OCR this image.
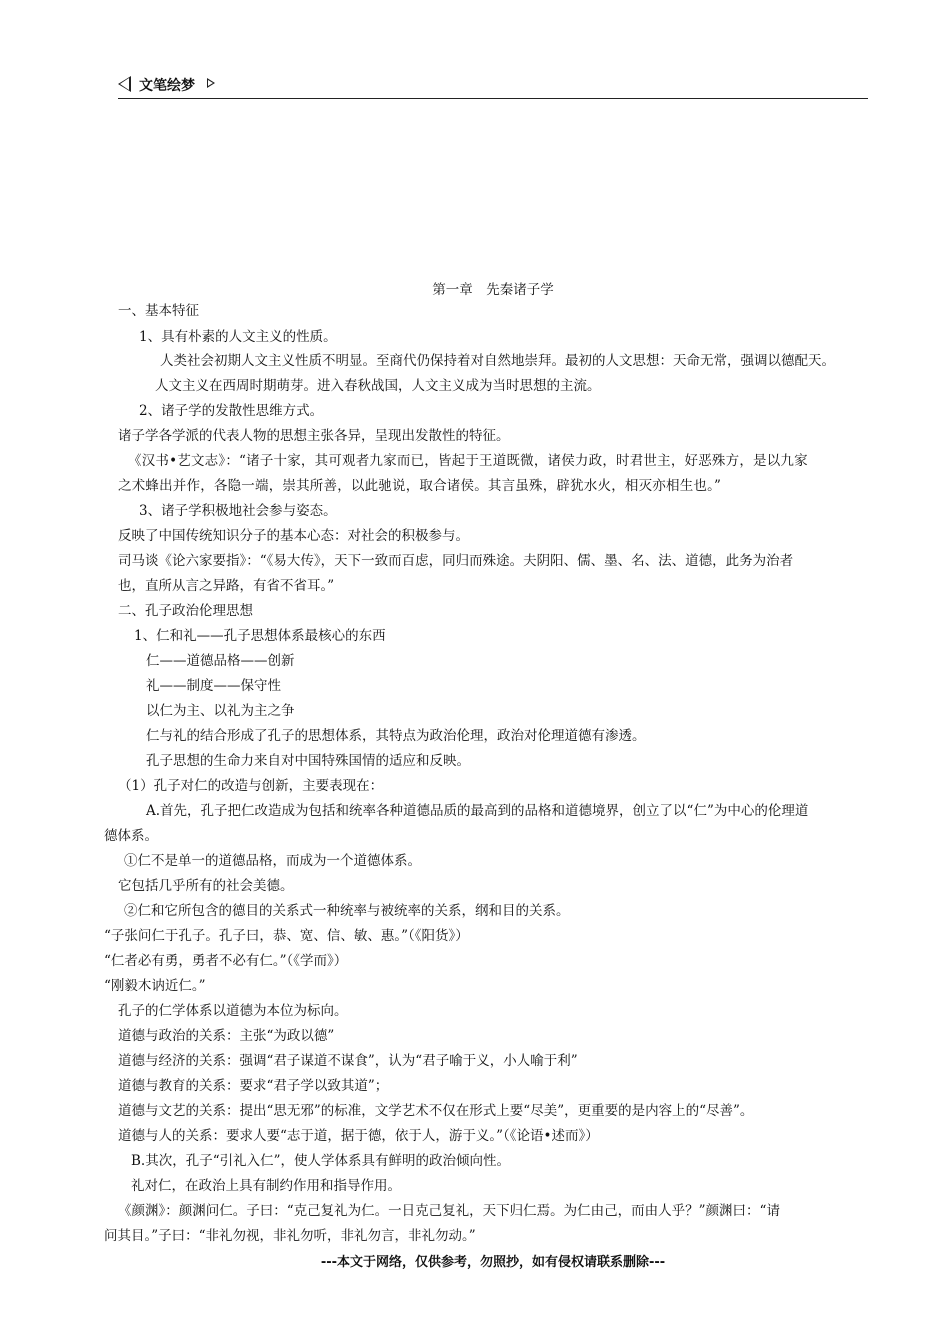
文笔绘梦
第一章　先秦诸子学
一、基本特征
1、具有朴素的人文主义的性质。
人类社会初期人文主义性质不明显。至商代仍保持着对自然地崇拜。最初的人文思想：天命无常，强调以德配天。
人文主义在西周时期萌芽。进入春秋战国，人文主义成为当时思想的主流。
2、诸子学的发散性思维方式。
诸子学各学派的代表人物的思想主张各异，呈现出发散性的特征。
《汉书•艺文志》：“诸子十家，其可观者九家而已，皆起于王道既微，诸侯力政，时君世主，好恶殊方，是以九家
之术蜂出并作，各隐一端，崇其所善，以此驰说，取合诸侯。其言虽殊，辟犹水火，相灭亦相生也。”
3、诸子学积极地社会参与姿态。
反映了中国传统知识分子的基本心态：对社会的积极参与。
司马谈《论六家要指》：“《易大传》，天下一致而百虑，同归而殊途。夫阴阳、儒、墨、名、法、道德，此务为治者
也，直所从言之异路，有省不省耳。”
二、孔子政治伦理思想
1、仁和礼——孔子思想体系最核心的东西
仁——道德品格——创新
礼——制度——保守性
以仁为主、以礼为主之争
仁与礼的结合形成了孔子的思想体系，其特点为政治伦理，政治对伦理道德有渗透。
孔子思想的生命力来自对中国特殊国情的适应和反映。
（1）孔子对仁的改造与创新，主要表现在：
A.首先，孔子把仁改造成为包括和统率各种道德品质的最高到的品格和道德境界，创立了以“仁”为中心的伦理道
德体系。
①仁不是单一的道德品格，而成为一个道德体系。
它包括几乎所有的社会美德。
②仁和它所包含的德目的关系式一种统率与被统率的关系，纲和目的关系。
“子张问仁于孔子。孔子曰，恭、宽、信、敏、惠。”（《阳货》）
“仁者必有勇，勇者不必有仁。”（《学而》）
“刚毅木讷近仁。”
孔子的仁学体系以道德为本位为标向。
道德与政治的关系：主张“为政以德”
道德与经济的关系：强调“君子谋道不谋食”，认为“君子喻于义，小人喻于利”
道德与教育的关系：要求“君子学以致其道”；
道德与文艺的关系：提出“思无邪”的标准，文学艺术不仅在形式上要“尽美”，更重要的是内容上的“尽善”。
道德与人的关系：要求人要“志于道，据于德，依于人，游于义。”（《论语•述而》）
B.其次，孔子“引礼入仁”，使人学体系具有鲜明的政治倾向性。
礼对仁，在政治上具有制约作用和指导作用。
《颜渊》：颜渊问仁。子曰：“克己复礼为仁。一日克己复礼，天下归仁焉。为仁由己，而由人乎？”颜渊曰：“请
问其目。”子曰：“非礼勿视，非礼勿听，非礼勿言，非礼勿动。”
---本文于网络，仅供参考，勿照抄，如有侵权请联系删除---
